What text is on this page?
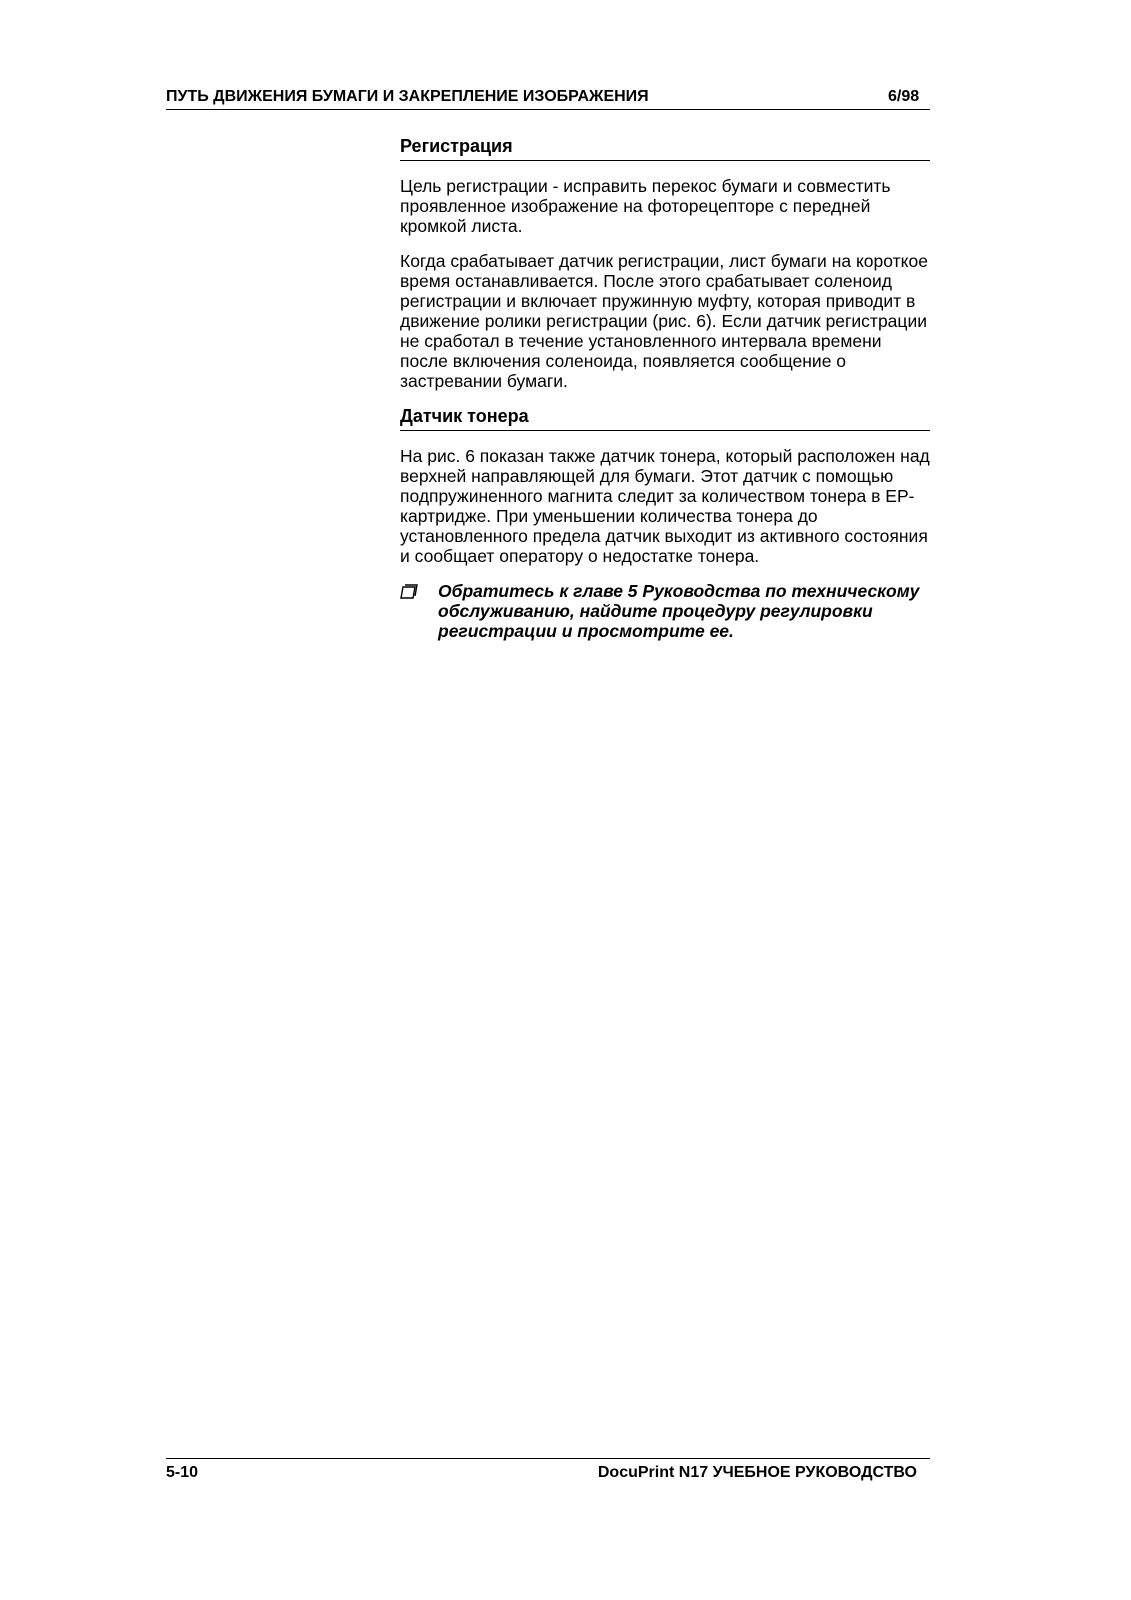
ПУТЬ ДВИЖЕНИЯ БУМАГИ И ЗАКРЕПЛЕНИЕ ИЗОБРАЖЕНИЯ	6/98
Регистрация

Цель регистрации - исправить перекос бумаги и совместить проявленное изображение на фоторецепторе с передней кромкой листа.

Когда срабатывает датчик регистрации, лист бумаги на короткое время останавливается. После этого срабатывает соленоид регистрации и включает пружинную муфту, которая приводит в движение ролики регистрации (рис. 6). Если датчик регистрации не сработал в течение установленного интервала времени после включения соленоида, появляется сообщение о застревании бумаги.

Датчик тонера

На рис. 6 показан также датчик тонера, который расположен над верхней направляющей для бумаги. Этот датчик с помощью подпружиненного магнита следит за количеством тонера в EP-картридже. При уменьшении количества тонера до установленного предела датчик выходит из активного состояния и сообщает оператору о недостатке тонера.

Обратитесь к главе 5 Руководства по техническому обслуживанию, найдите процедуру регулировки регистрации и просмотрите ее.
5-10	DocuPrint N17 УЧЕБНОЕ РУКОВОДСТВО
